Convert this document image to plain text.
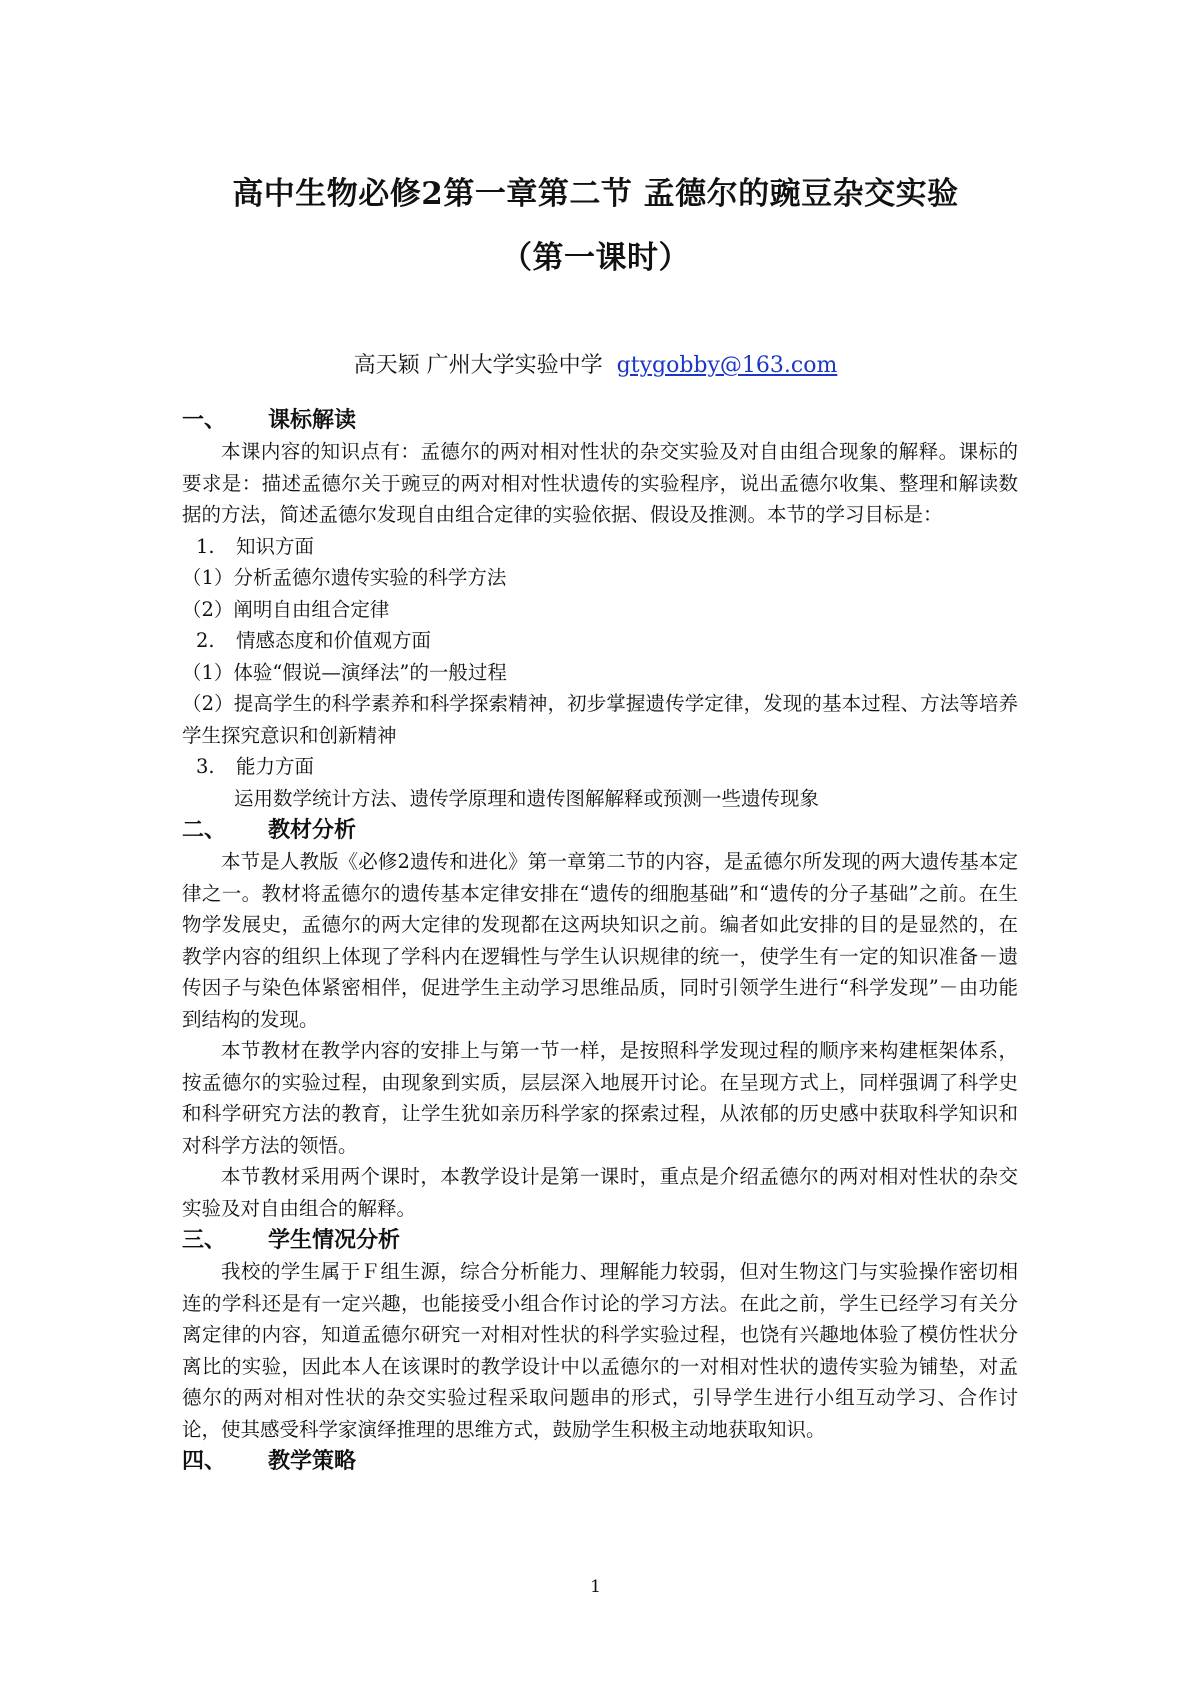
高中生物必修2第一章第二节 孟德尔的豌豆杂交实验
（第一课时）
高天颖 广州大学实验中学 gtygobby@163.com
一、 课标解读

本课内容的知识点有：孟德尔的两对相对性状的杂交实验及对自由组合现象的解释。课标的要求是：描述孟德尔关于豌豆的两对相对性状遗传的实验程序，说出孟德尔收集、整理和解读数据的方法，简述孟德尔发现自由组合定律的实验依据、假设及推测。本节的学习目标是：

1. 知识方面
（1）分析孟德尔遗传实验的科学方法
（2）阐明自由组合定律
2. 情感态度和价值观方面
（1）体验“假说—演绎法”的一般过程

（2）提高学生的科学素养和科学探索精神，初步掌握遗传学定律，发现的基本过程、方法等培养学生探究意识和创新精神

3. 能力方面
运用数学统计方法、遗传学原理和遗传图解解释或预测一些遗传现象
二、 教材分析

本节是人教版《必修2遗传和进化》第一章第二节的内容，是孟德尔所发现的两大遗传基本定律之一。教材将孟德尔的遗传基本定律安排在“遗传的细胞基础”和“遗传的分子基础”之前。在生物学发展史，孟德尔的两大定律的发现都在这两块知识之前。编者如此安排的目的是显然的，在教学内容的组织上体现了学科内在逻辑性与学生认识规律的统一，使学生有一定的知识准备－遗传因子与染色体紧密相伴，促进学生主动学习思维品质，同时引领学生进行“科学发现”－由功能到结构的发现。

本节教材在教学内容的安排上与第一节一样，是按照科学发现过程的顺序来构建框架体系，按孟德尔的实验过程，由现象到实质，层层深入地展开讨论。在呈现方式上，同样强调了科学史和科学研究方法的教育，让学生犹如亲历科学家的探索过程，从浓郁的历史感中获取科学知识和对科学方法的领悟。

本节教材采用两个课时，本教学设计是第一课时，重点是介绍孟德尔的两对相对性状的杂交实验及对自由组合的解释。

三、 学生情况分析

我校的学生属于Ｆ组生源，综合分析能力、理解能力较弱，但对生物这门与实验操作密切相连的学科还是有一定兴趣，也能接受小组合作讨论的学习方法。在此之前，学生已经学习有关分离定律的内容，知道孟德尔研究一对相对性状的科学实验过程，也饶有兴趣地体验了模仿性状分离比的实验，因此本人在该课时的教学设计中以孟德尔的一对相对性状的遗传实验为铺垫，对孟德尔的两对相对性状的杂交实验过程采取问题串的形式，引导学生进行小组互动学习、合作讨论，使其感受科学家演绎推理的思维方式，鼓励学生积极主动地获取知识。

四、 教学策略
1
